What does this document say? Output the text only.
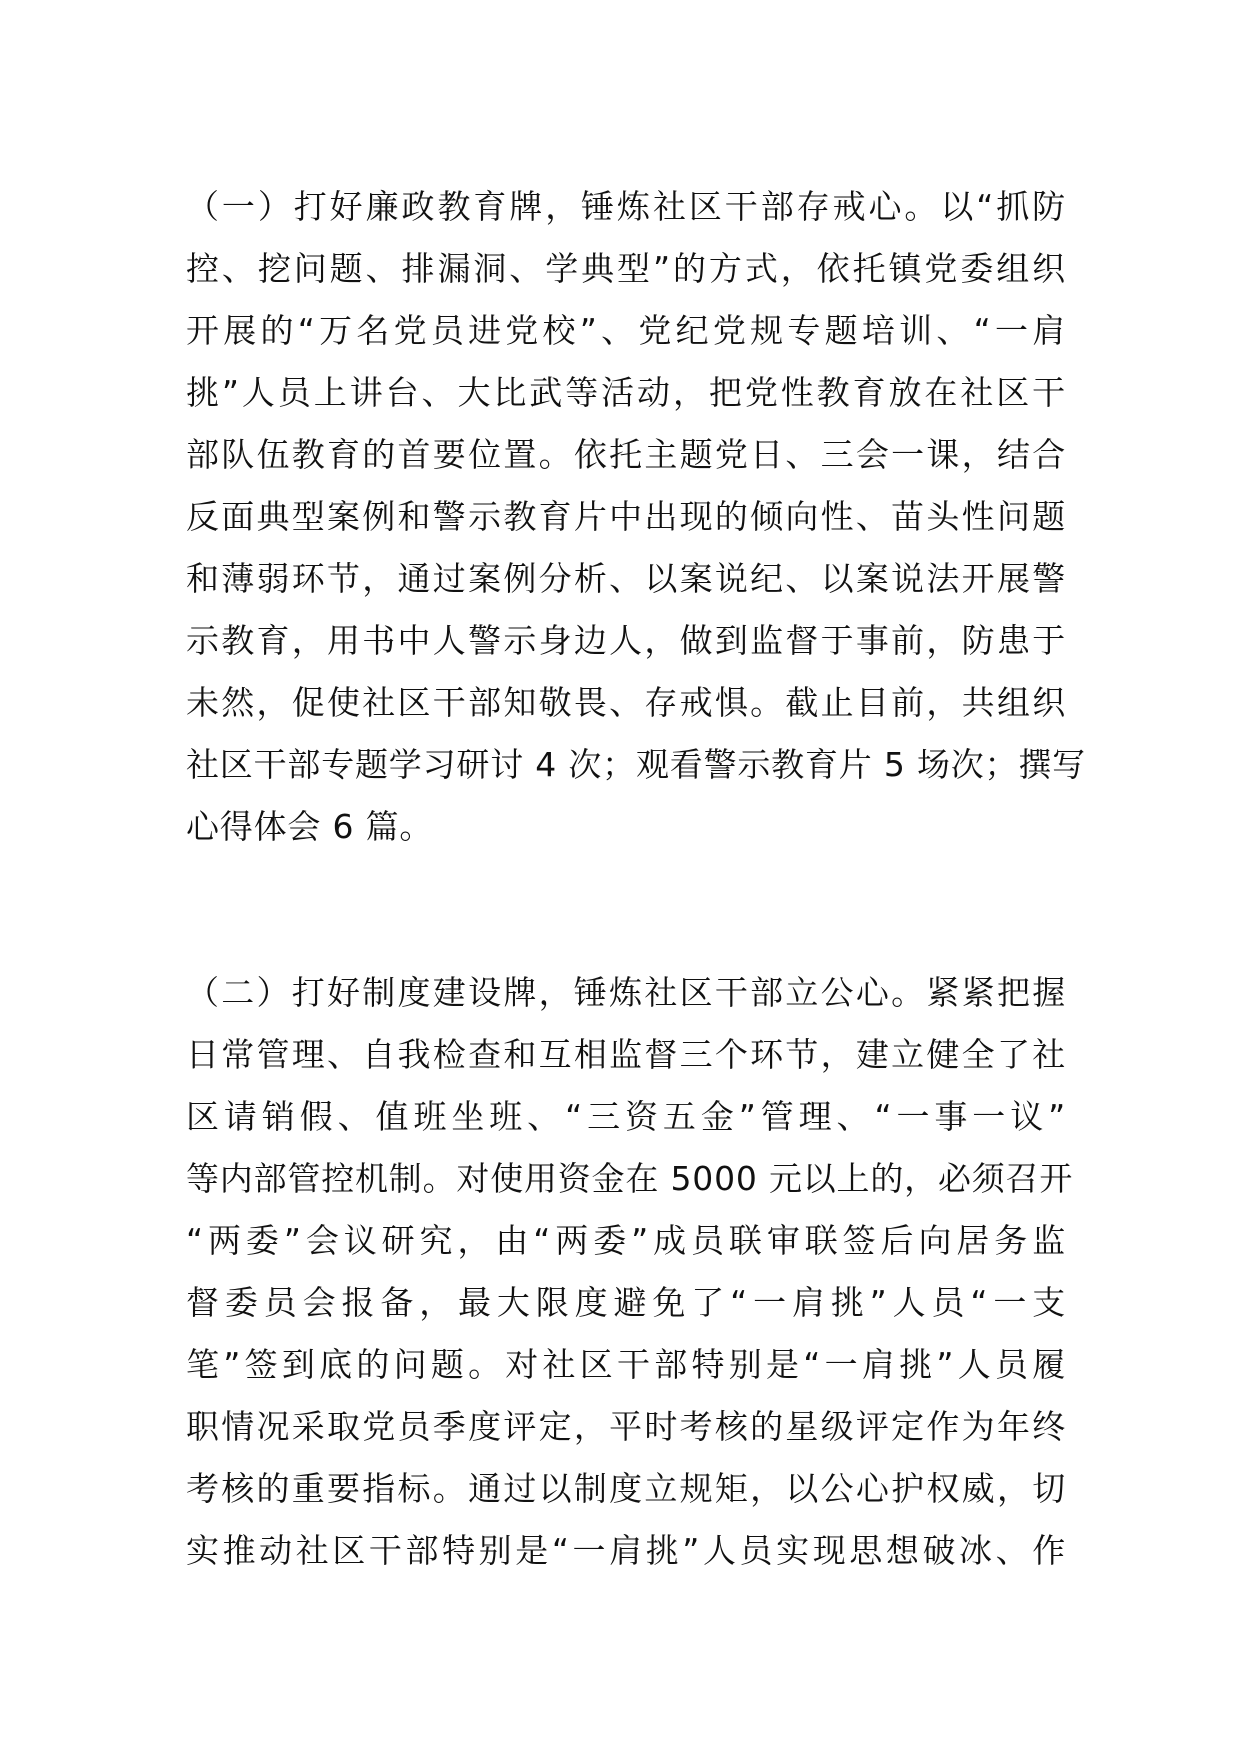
（一）打好廉政教育牌，锤炼社区干部存戒心。以“抓防
控、挖问题、排漏洞、学典型”的方式，依托镇党委组织
开展的“万名党员进党校”、党纪党规专题培训、“一肩
挑”人员上讲台、大比武等活动，把党性教育放在社区干
部队伍教育的首要位置。依托主题党日、三会一课，结合
反面典型案例和警示教育片中出现的倾向性、苗头性问题
和薄弱环节，通过案例分析、以案说纪、以案说法开展警
示教育，用书中人警示身边人，做到监督于事前，防患于
未然，促使社区干部知敬畏、存戒惧。截止目前，共组织
社区干部专题学习研讨 4 次；观看警示教育片 5 场次；撰写
心得体会 6 篇。
（二）打好制度建设牌，锤炼社区干部立公心。紧紧把握
日常管理、自我检查和互相监督三个环节，建立健全了社
区请销假、值班坐班、“三资五金”管理、“一事一议”
等内部管控机制。对使用资金在 5000 元以上的，必须召开
“两委”会议研究，由“两委”成员联审联签后向居务监
督委员会报备，最大限度避免了“一肩挑”人员“一支
笔”签到底的问题。对社区干部特别是“一肩挑”人员履
职情况采取党员季度评定，平时考核的星级评定作为年终
考核的重要指标。通过以制度立规矩，以公心护权威，切
实推动社区干部特别是“一肩挑”人员实现思想破冰、作
